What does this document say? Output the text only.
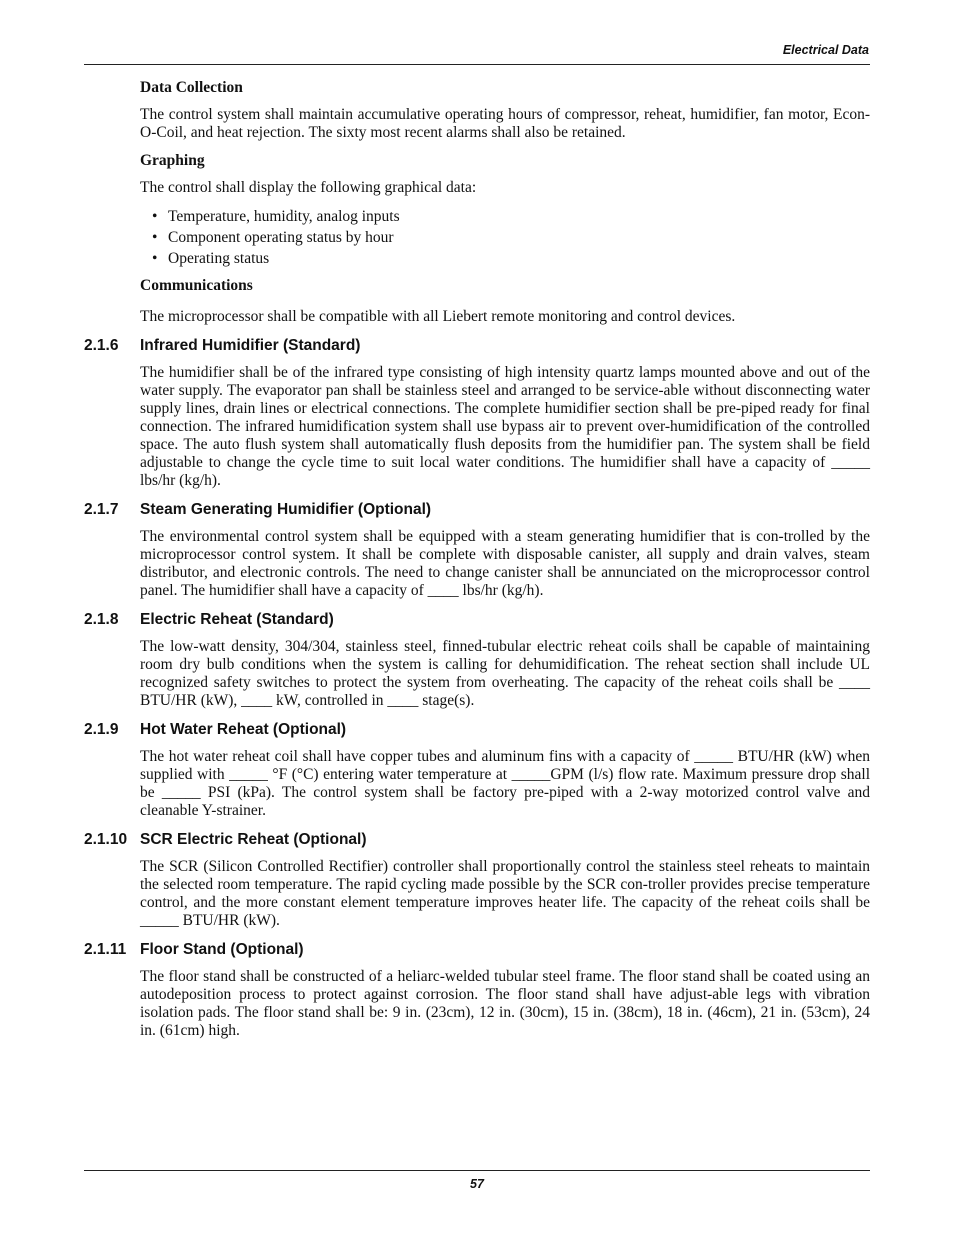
Electrical Data
Data Collection

The control system shall maintain accumulative operating hours of compressor, reheat, humidifier, fan motor, Econ-O-Coil, and heat rejection. The sixty most recent alarms shall also be retained.

Graphing

The control shall display the following graphical data:

• Temperature, humidity, analog inputs
• Component operating status by hour
• Operating status
Communications

The microprocessor shall be compatible with all Liebert remote monitoring and control devices.

2.1.6	Infrared Humidifier (Standard)

The humidifier shall be of the infrared type consisting of high intensity quartz lamps mounted above and out of the water supply. The evaporator pan shall be stainless steel and arranged to be service-able without disconnecting water supply lines, drain lines or electrical connections. The complete humidifier section shall be pre-piped ready for final connection. The infrared humidification system shall use bypass air to prevent over-humidification of the controlled space. The auto flush system shall automatically flush deposits from the humidifier pan. The system shall be field adjustable to change the cycle time to suit local water conditions. The humidifier shall have a capacity of _____ lbs/hr (kg/h).

2.1.7	Steam Generating Humidifier (Optional)

The environmental control system shall be equipped with a steam generating humidifier that is con-trolled by the microprocessor control system. It shall be complete with disposable canister, all supply and drain valves, steam distributor, and electronic controls. The need to change canister shall be annunciated on the microprocessor control panel. The humidifier shall have a capacity of ____ lbs/hr (kg/h).

2.1.8	Electric Reheat (Standard)

The low-watt density, 304/304, stainless steel, finned-tubular electric reheat coils shall be capable of maintaining room dry bulb conditions when the system is calling for dehumidification. The reheat section shall include UL recognized safety switches to protect the system from overheating. The capacity of the reheat coils shall be ____ BTU/HR (kW), ____ kW, controlled in ____ stage(s).

2.1.9	Hot Water Reheat (Optional)

The hot water reheat coil shall have copper tubes and aluminum fins with a capacity of _____ BTU/HR (kW) when supplied with _____ °F (°C) entering water temperature at _____GPM (l/s) flow rate. Maximum pressure drop shall be _____ PSI (kPa). The control system shall be factory pre-piped with a 2-way motorized control valve and cleanable Y-strainer.

2.1.10 SCR Electric Reheat (Optional)

The SCR (Silicon Controlled Rectifier) controller shall proportionally control the stainless steel reheats to maintain the selected room temperature. The rapid cycling made possible by the SCR con-troller provides precise temperature control, and the more constant element temperature improves heater life. The capacity of the reheat coils shall be _____ BTU/HR (kW).

2.1.11 Floor Stand (Optional)

The floor stand shall be constructed of a heliarc-welded tubular steel frame. The floor stand shall be coated using an autodeposition process to protect against corrosion. The floor stand shall have adjust-able legs with vibration isolation pads. The floor stand shall be: 9 in. (23cm), 12 in. (30cm), 15 in. (38cm), 18 in. (46cm), 21 in. (53cm), 24 in. (61cm) high.

57
